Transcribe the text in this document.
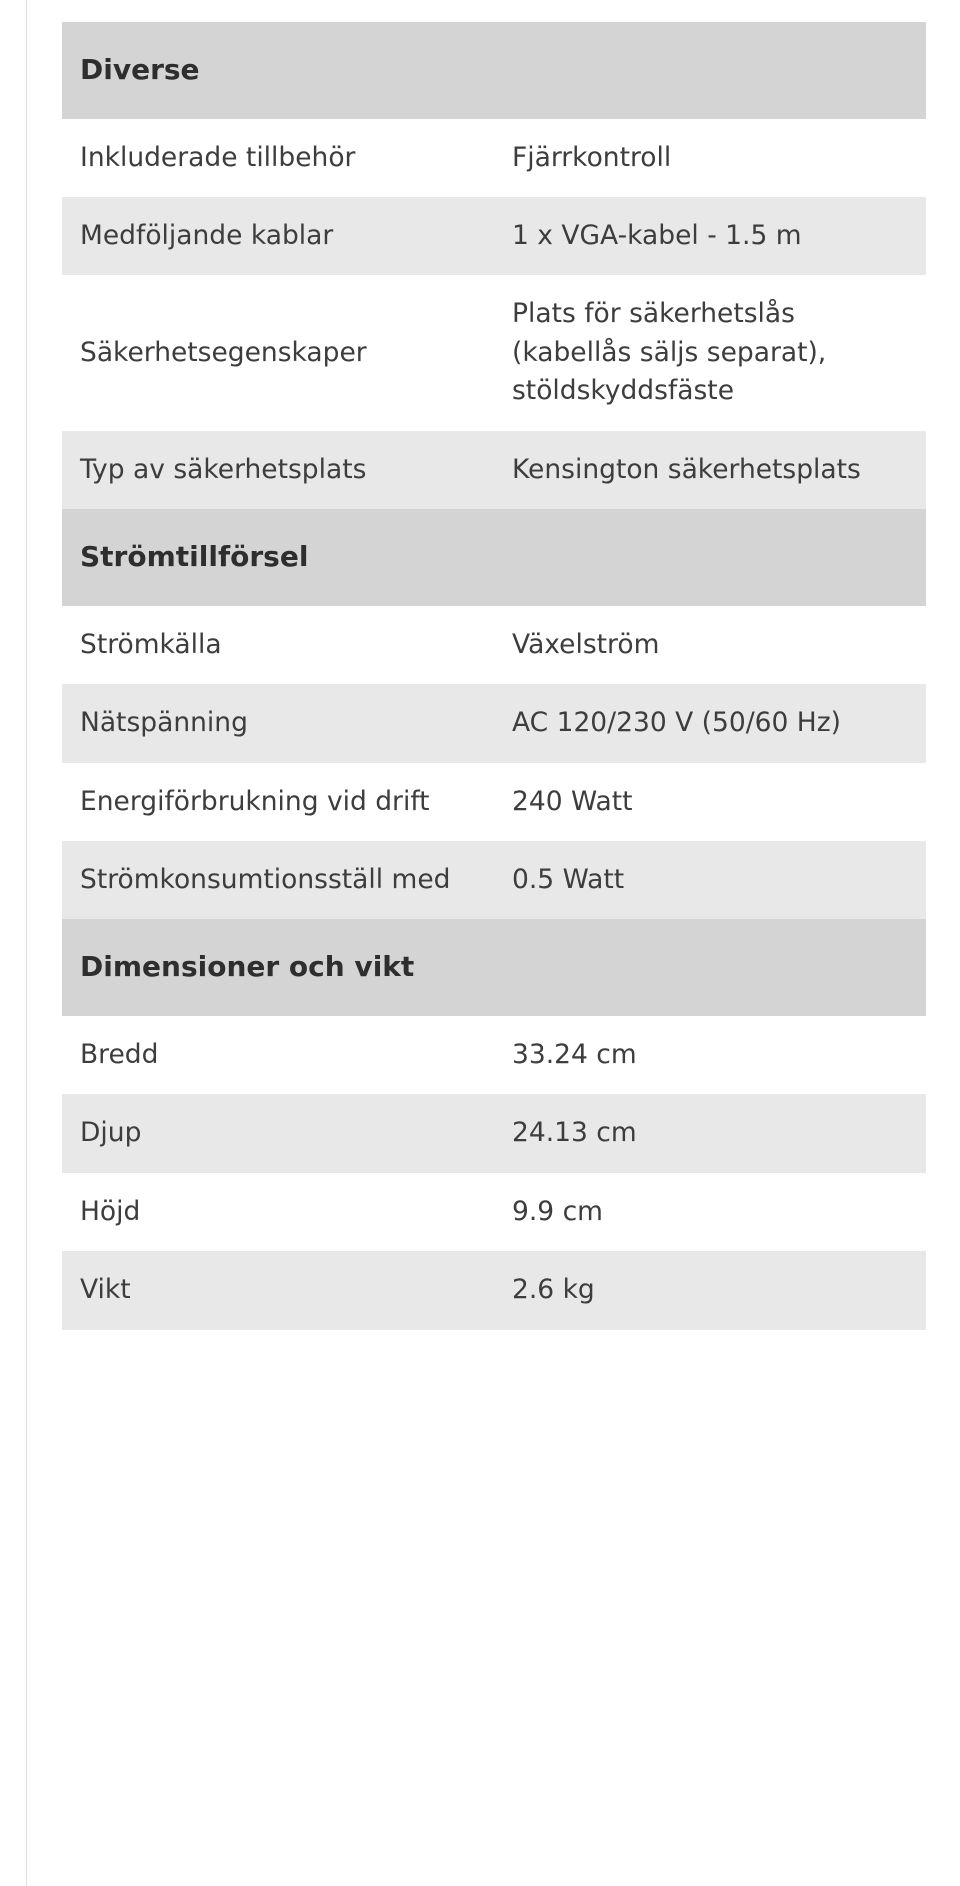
Diverse	
Inkluderade tillbehör	Fjärrkontroll
Medföljande kablar	1 x VGA-kabel - 1.5 m
Säkerhetsegenskaper	Plats för säkerhetslås (kabellås säljs separat), stöldskyddsfäste
Typ av säkerhetsplats	Kensington säkerhetsplats
Strömtillförsel	
Strömkälla	Växelström
Nätspänning	AC 120/230 V (50/60 Hz)
Energiförbrukning vid drift	240 Watt
Strömkonsumtionsställ med	0.5 Watt
Dimensioner och vikt	
Bredd	33.24 cm
Djup	24.13 cm
Höjd	9.9 cm
Vikt	2.6 kg
